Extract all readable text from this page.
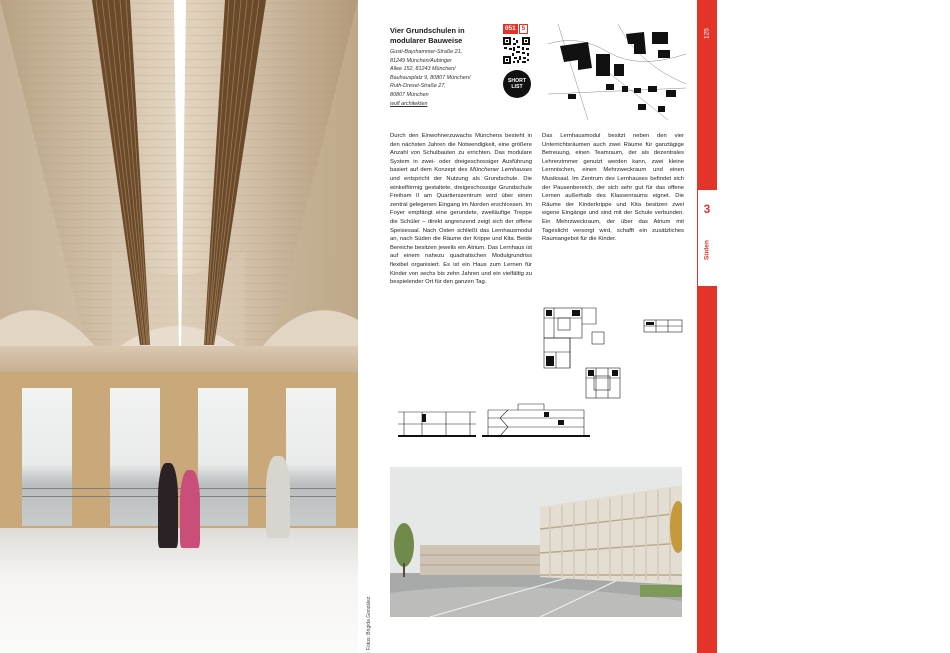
Fotos: Brigida González
Vier Grundschulen in modularer Bauweise
Gusti-Bayrhammer-Straße 21,
81249 München/Aubinger
Allee 152, 81243 München/
Bauhausplatz 9, 80807 München/
Ruth-Drexel-Straße 27,
80807 München
wulf architekten
051 5
SHORT LIST

Durch den Einwohnerzuwachs Münchens besteht in den nächsten Jahren die Notwendigkeit, eine größere Anzahl von Schulbauten zu errichten. Das modulare System in zwei- oder dreigeschossiger Ausführung basiert auf dem Konzept des Münchener Lernhauses und entspricht der Nutzung als Grundschule. Die winkelförmig gestaltete, dreigeschossige Grundschule Freiham II am Quartierszentrum wird über einen zentral gelegenen Eingang im Norden erschlossen. Im Foyer empfängt eine gerundete, zweiläufige Treppe die Schüler – direkt angrenzend zeigt sich der offene Speisesaal. Nach Osten schließt das Lernhausmodul an, nach Süden die Räume der Krippe und Kita. Beide Bereiche besitzen jeweils ein Atrium. Das Lernhaus ist auf einem nahezu quadratischen Modulgrundriss flexibel organisiert. Es ist ein Haus zum Lernen für Kinder von sechs bis zehn Jahren und ein vielfältig zu bespielender Ort für den ganzen Tag.

Das Lernhausmodul besitzt neben den vier Unterrichtsräumen auch zwei Räume für ganztägige Betreuung, einen Teamraum, der als dezentrales Lehrerzimmer genutzt werden kann, zwei kleine Lernnischen, einen Mehrzweckraum und einen Musiksaal. Im Zentrum des Lernhauses befindet sich der Pausenbereich, der sich sehr gut für das offene Lernen außerhalb des Klassenraums eignet. Die Räume der Kinderkrippe und Kita besitzen zwei eigene Eingänge und sind mit der Schule verbunden. Ein Mehrzweckraum, der über das Atrium mit Tageslicht versorgt wird, schafft ein zusätzliches Raumangebot für die Kinder.

125
3
Süden
